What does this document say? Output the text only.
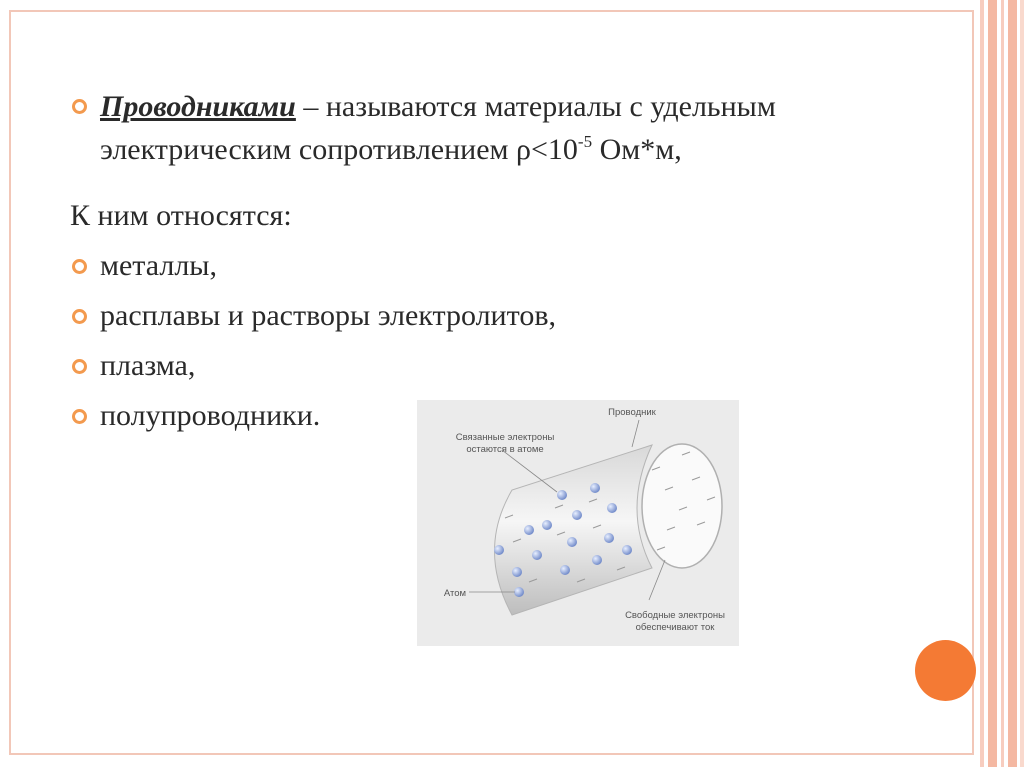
Проводниками – называются материалы с удельным
электрическим сопротивлением $\rho<10^{-5}$ Ом*м,
К ним относятся:
металлы,
расплавы и растворы электролитов,
плазма,
полупроводники.	Проводник
Связанные электроны
остаются в атоме
Атом
Свободные электроны
обеспечивают ток
